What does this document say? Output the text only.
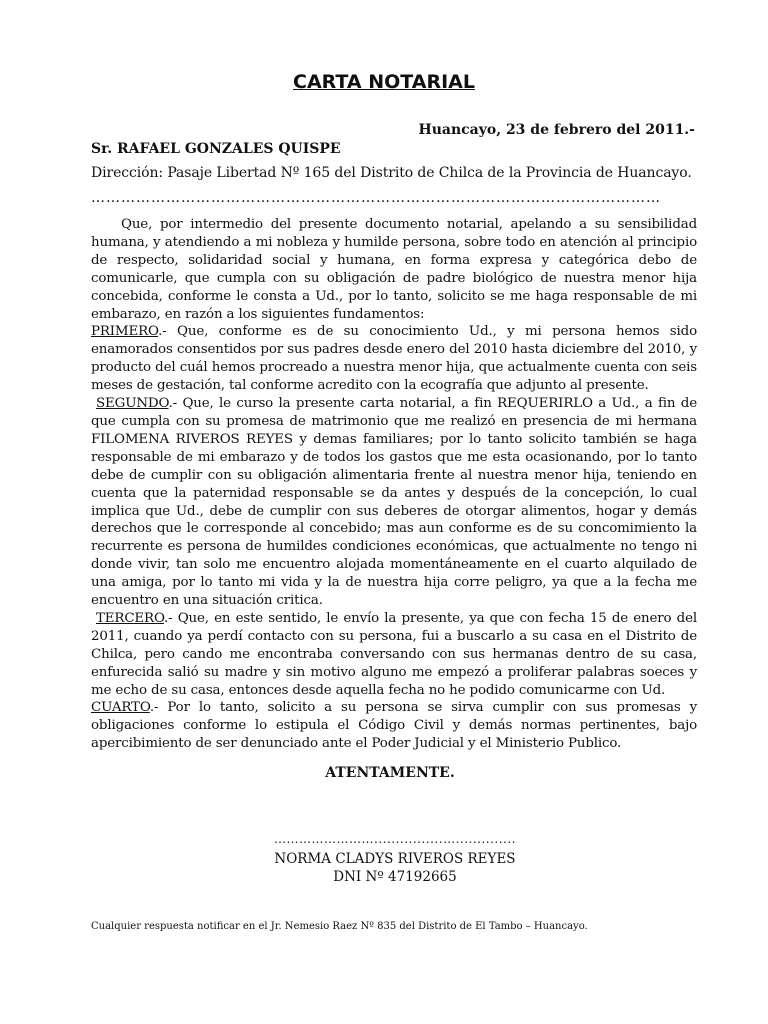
CARTA NOTARIAL
Huancayo, 23 de febrero del 2011.-
Sr. RAFAEL GONZALES QUISPE
Dirección: Pasaje Libertad Nº 165 del Distrito de Chilca de la Provincia de Huancayo.
……………………………………………………………………………………………………

Que, por intermedio del presente documento notarial, apelando a su sensibilidad humana, y atendiendo a mi nobleza y humilde persona, sobre todo en atención al principio de respecto, solidaridad social y humana, en forma expresa y categórica debo de comunicarle, que cumpla con su obligación de padre biológico de nuestra menor hija concebida, conforme le consta a Ud., por lo tanto, solicito se me haga responsable de mi embarazo, en razón a los siguientes fundamentos:

PRIMERO.- Que, conforme es de su conocimiento Ud., y mi persona hemos sido enamorados consentidos por sus padres desde enero del 2010 hasta diciembre del 2010, y producto del cuál hemos procreado a nuestra menor hija, que actualmente cuenta con seis meses de gestación, tal conforme acredito con la ecografía que adjunto al presente.

SEGUNDO.- Que, le curso la presente carta notarial, a fin REQUERIRLO a Ud., a fin de que cumpla con su promesa de matrimonio que me realizó en presencia de mi hermana FILOMENA RIVEROS REYES y demas familiares; por lo tanto solicito también se haga responsable de mi embarazo y de todos los gastos que me esta ocasionando, por lo tanto debe de cumplir con su obligación alimentaria frente al nuestra menor hija, teniendo en cuenta que la paternidad responsable se da antes y después de la concepción, lo cual implica que Ud., debe de cumplir con sus deberes de otorgar alimentos, hogar y demás derechos que le corresponde al concebido; mas aun conforme es de su concomimiento la recurrente es persona de humildes condiciones económicas, que actualmente no tengo ni donde vivir, tan solo me encuentro alojada momentáneamente en el cuarto alquilado de una amiga, por lo tanto mi vida y la de nuestra hija corre peligro, ya que a la fecha me encuentro en una situación critica.

TERCERO.- Que, en este sentido, le envío la presente, ya que con fecha 15 de enero del 2011, cuando ya perdí contacto con su persona, fui a buscarlo a su casa en el Distrito de Chilca, pero cando me encontraba conversando con sus hermanas dentro de su casa, enfurecida salió su madre y sin motivo alguno me empezó a proliferar palabras soeces y me echo de su casa, entonces desde aquella fecha no he podido comunicarme con Ud.

CUARTO.- Por lo tanto, solicito a su persona se sirva cumplir con sus promesas y obligaciones conforme lo estipula el Código Civil y demás normas pertinentes, bajo apercibimiento de ser denunciado ante el Poder Judicial y el Ministerio Publico.

ATENTAMENTE.
……………………................…..............
NORMA CLADYS RIVEROS REYES
DNI Nº 47192665
Cualquier respuesta notificar en el Jr. Nemesio Raez Nº 835 del Distrito de El Tambo – Huancayo.
